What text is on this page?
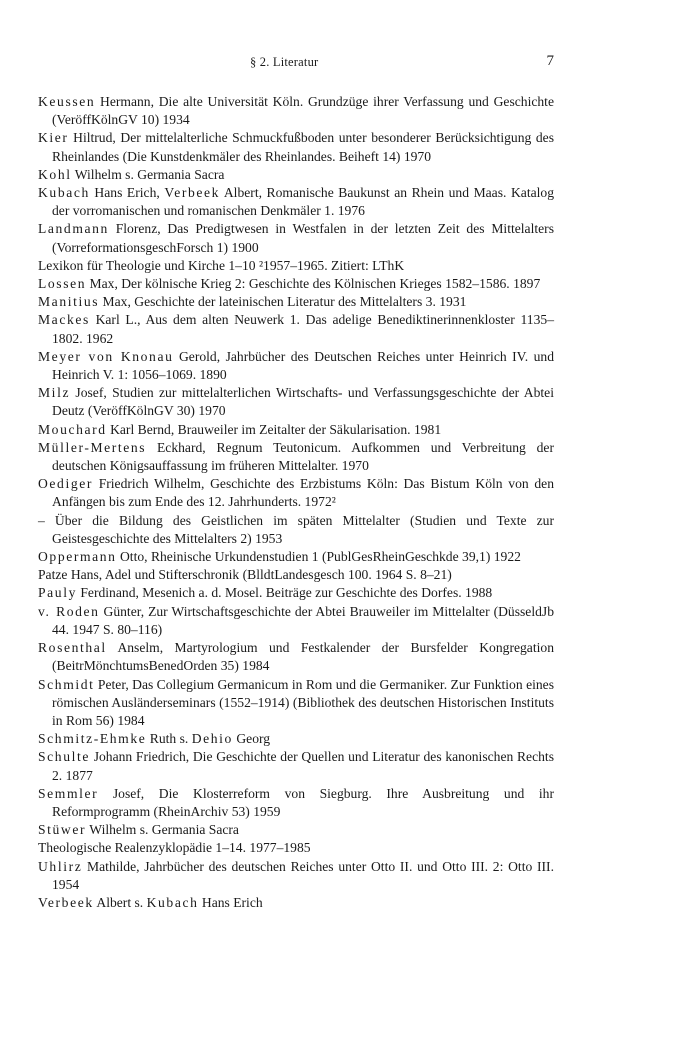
§ 2. Literatur	7

Keussen Hermann, Die alte Universität Köln. Grundzüge ihrer Verfassung und Geschichte (VeröffKölnGV 10) 1934

Kier Hiltrud, Der mittelalterliche Schmuckfußboden unter besonderer Berücksichtigung des Rheinlandes (Die Kunstdenkmäler des Rheinlandes. Beiheft 14) 1970

Kohl Wilhelm s. Germania Sacra

Kubach Hans Erich, Verbeek Albert, Romanische Baukunst an Rhein und Maas. Katalog der vorromanischen und romanischen Denkmäler 1. 1976

Landmann Florenz, Das Predigtwesen in Westfalen in der letzten Zeit des Mittelalters (VorreformationsgeschForsch 1) 1900

Lexikon für Theologie und Kirche 1–10 ²1957–1965. Zitiert: LThK

Lossen Max, Der kölnische Krieg 2: Geschichte des Kölnischen Krieges 1582–1586. 1897

Manitius Max, Geschichte der lateinischen Literatur des Mittelalters 3. 1931

Mackes Karl L., Aus dem alten Neuwerk 1. Das adelige Benediktinerinnenkloster 1135–1802. 1962

Meyer von Knonau Gerold, Jahrbücher des Deutschen Reiches unter Heinrich IV. und Heinrich V. 1: 1056–1069. 1890

Milz Josef, Studien zur mittelalterlichen Wirtschafts- und Verfassungsgeschichte der Abtei Deutz (VeröffKölnGV 30) 1970

Mouchard Karl Bernd, Brauweiler im Zeitalter der Säkularisation. 1981

Müller-Mertens Eckhard, Regnum Teutonicum. Aufkommen und Verbreitung der deutschen Königsauffassung im früheren Mittelalter. 1970

Oediger Friedrich Wilhelm, Geschichte des Erzbistums Köln: Das Bistum Köln von den Anfängen bis zum Ende des 12. Jahrhunderts. 1972²

– Über die Bildung des Geistlichen im späten Mittelalter (Studien und Texte zur Geistesgeschichte des Mittelalters 2) 1953

Oppermann Otto, Rheinische Urkundenstudien 1 (PublGesRheinGeschkde 39,1) 1922

Patze Hans, Adel und Stifterschronik (BlldtLandesgesch 100. 1964 S. 8–21)

Pauly Ferdinand, Mesenich a. d. Mosel. Beiträge zur Geschichte des Dorfes. 1988

v. Roden Günter, Zur Wirtschaftsgeschichte der Abtei Brauweiler im Mittelalter (DüsseldJb 44. 1947 S. 80–116)

Rosenthal Anselm, Martyrologium und Festkalender der Bursfelder Kongregation (BeitrMönchtumsBenedOrden 35) 1984

Schmidt Peter, Das Collegium Germanicum in Rom und die Germaniker. Zur Funktion eines römischen Ausländerseminars (1552–1914) (Bibliothek des deutschen Historischen Instituts in Rom 56) 1984

Schmitz-Ehmke Ruth s. Dehio Georg

Schulte Johann Friedrich, Die Geschichte der Quellen und Literatur des kanonischen Rechts 2. 1877

Semmler Josef, Die Klosterreform von Siegburg. Ihre Ausbreitung und ihr Reformprogramm (RheinArchiv 53) 1959

Stüwer Wilhelm s. Germania Sacra

Theologische Realenzyklopädie 1–14. 1977–1985

Uhlirz Mathilde, Jahrbücher des deutschen Reiches unter Otto II. und Otto III. 2: Otto III. 1954

Verbeek Albert s. Kubach Hans Erich
